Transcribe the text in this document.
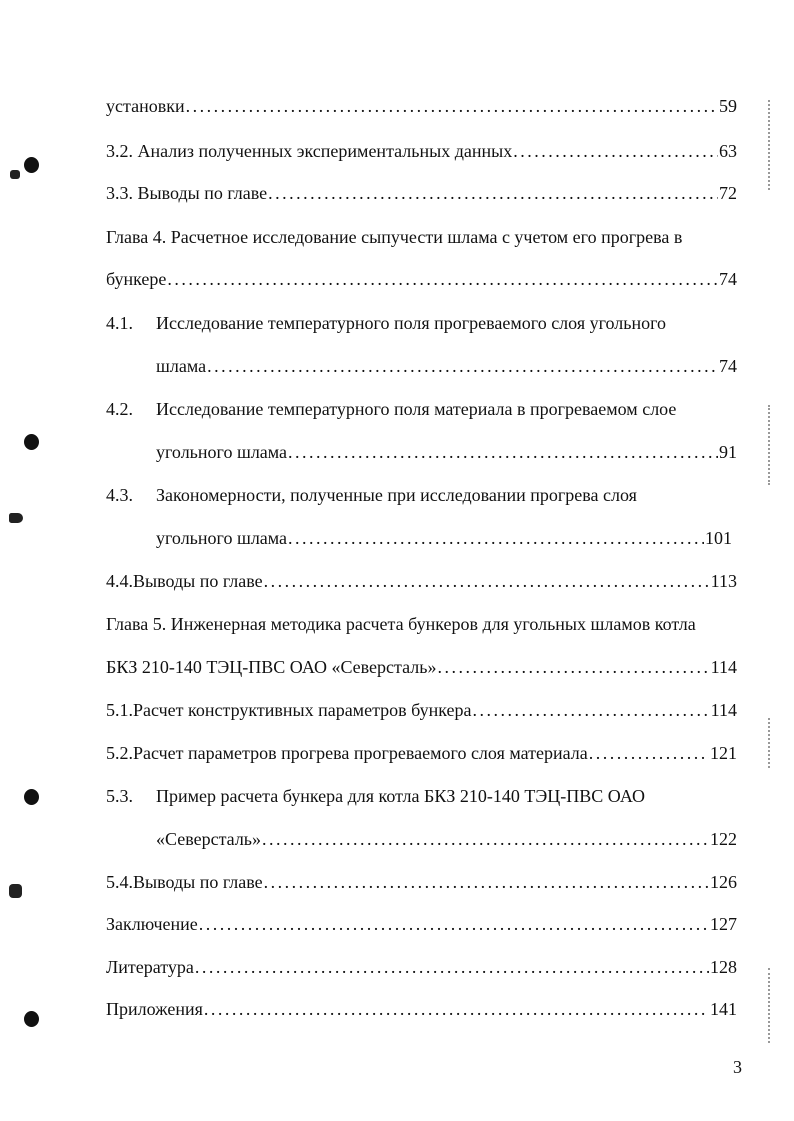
установки . . .	59
3.2. Анализ полученных экспериментальных данных . . .	63
3.3. Выводы по главе . . .	72
Глава 4. Расчетное исследование сыпучести шлама с учетом его прогрева в
бункере . . .	74
4.1.	Исследование температурного поля прогреваемого слоя угольного
шлама . . .	74
4.2.	Исследование температурного поля материала в прогреваемом слое
угольного шлама . . .	91
4.3.	Закономерности, полученные при исследовании прогрева слоя
угольного шлама . . .	101
4.4. Выводы по главе . . .	113
Глава 5. Инженерная методика расчета бункеров для угольных шламов котла
БКЗ 210-140 ТЭЦ-ПВС ОАО «Северсталь» . . .	114
5.1. Расчет конструктивных параметров бункера . . .	114
5.2. Расчет параметров прогрева прогреваемого слоя материала . . .	121
5.3.	Пример расчета бункера для котла БКЗ 210-140 ТЭЦ-ПВС ОАО
«Северсталь» . . .	122
5.4. Выводы по главе . . .	126
Заключение . . .	127
Литература . . .	128
Приложения . . .	141
3
